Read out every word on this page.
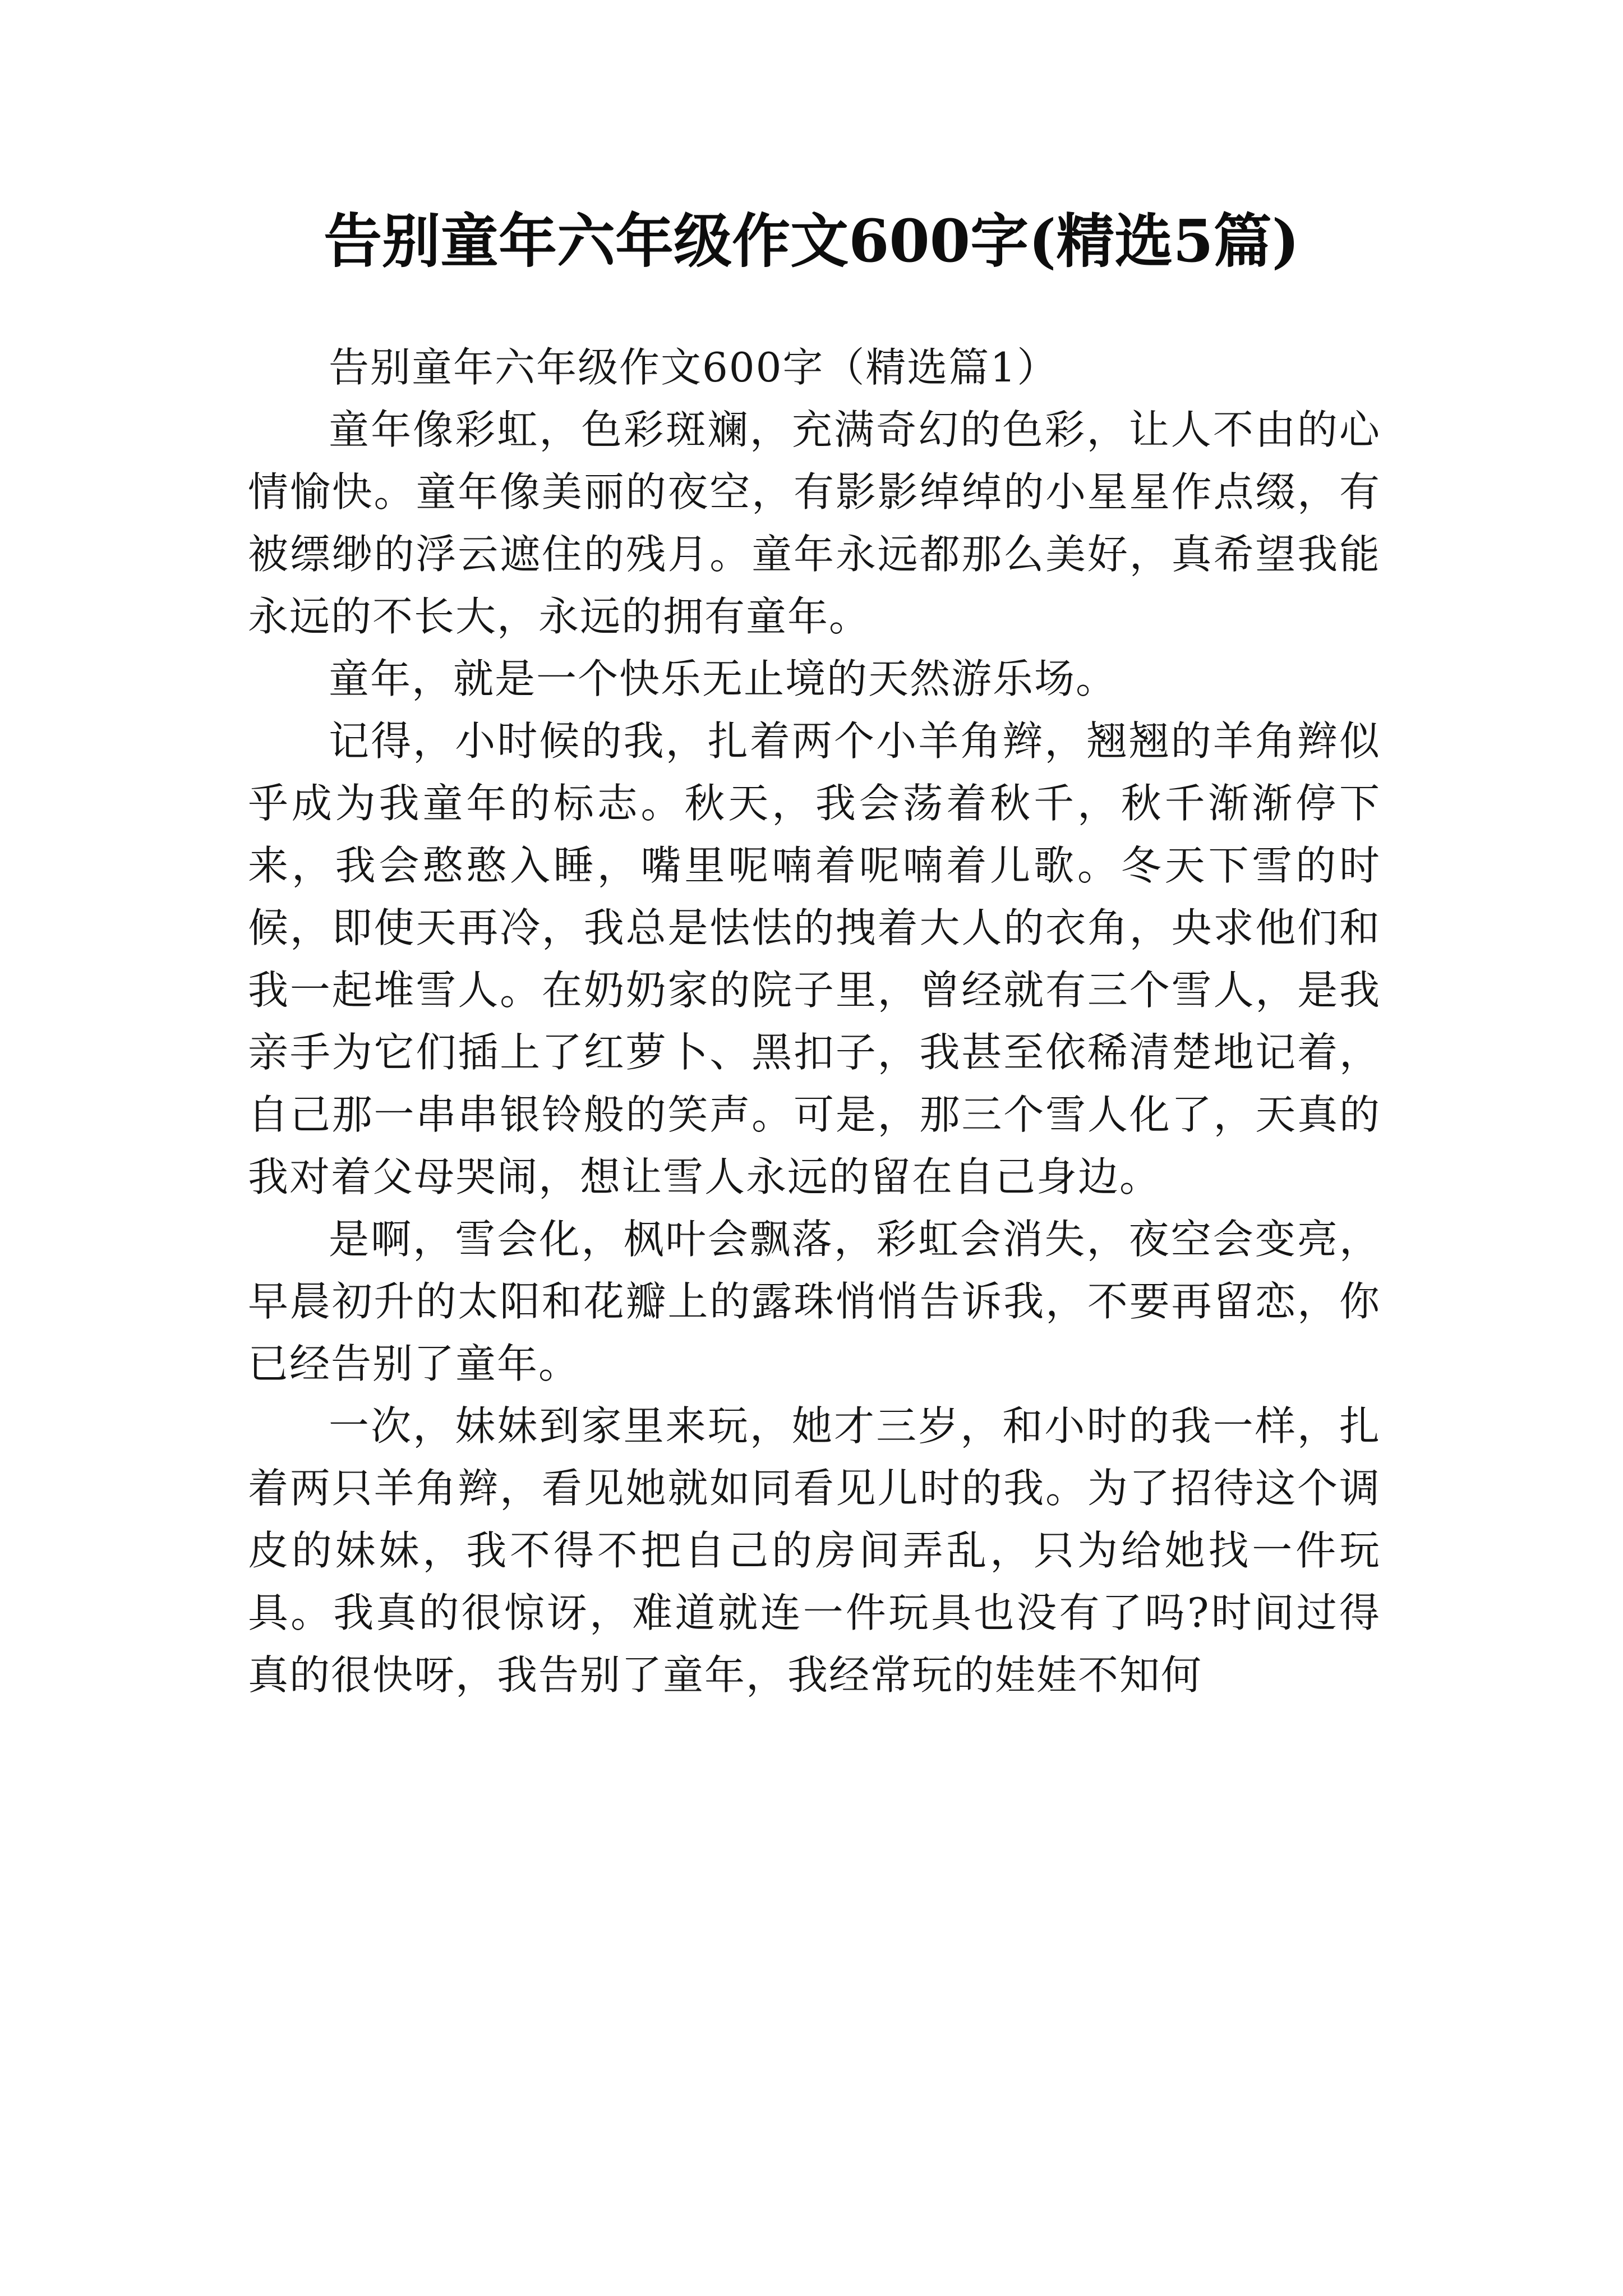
告别童年六年级作文600字(精选5篇)

告别童年六年级作文600字（精选篇1）

童年像彩虹，色彩斑斓，充满奇幻的色彩，让人不由的心情愉快。童年像美丽的夜空，有影影绰绰的小星星作点缀，有被缥缈的浮云遮住的残月。童年永远都那么美好，真希望我能永远的不长大，永远的拥有童年。

童年，就是一个快乐无止境的天然游乐场。

记得，小时候的我，扎着两个小羊角辫，翘翘的羊角辫似乎成为我童年的标志。秋天，我会荡着秋千，秋千渐渐停下来，我会憨憨入睡，嘴里呢喃着呢喃着儿歌。冬天下雪的时候，即使天再冷，我总是怯怯的拽着大人的衣角，央求他们和我一起堆雪人。在奶奶家的院子里，曾经就有三个雪人，是我亲手为它们插上了红萝卜、黑扣子，我甚至依稀清楚地记着，自己那一串串银铃般的笑声。可是，那三个雪人化了，天真的我对着父母哭闹，想让雪人永远的留在自己身边。

是啊，雪会化，枫叶会飘落，彩虹会消失，夜空会变亮，早晨初升的太阳和花瓣上的露珠悄悄告诉我，不要再留恋，你已经告别了童年。

一次，妹妹到家里来玩，她才三岁，和小时的我一样，扎着两只羊角辫，看见她就如同看见儿时的我。为了招待这个调皮的妹妹，我不得不把自己的房间弄乱，只为给她找一件玩具。我真的很惊讶，难道就连一件玩具也没有了吗?时间过得真的很快呀，我告别了童年，我经常玩的娃娃不知何
